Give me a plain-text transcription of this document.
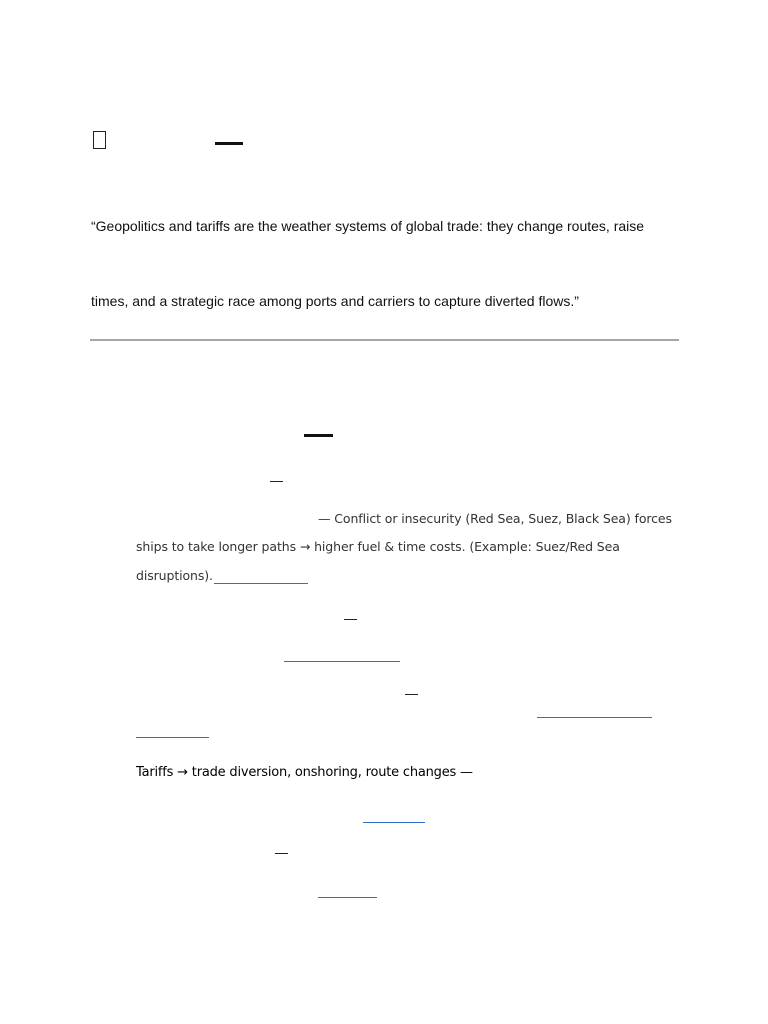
“Geopolitics and tariffs are the weather systems of global trade: they change routes, raise
times, and a strategic race among ports and carriers to capture diverted flows.”
— Conflict or insecurity (Red Sea, Suez, Black Sea) forces
ships to take longer paths → higher fuel & time costs. (Example: Suez/Red Sea
disruptions).
Tariffs → trade diversion, onshoring, route changes —
